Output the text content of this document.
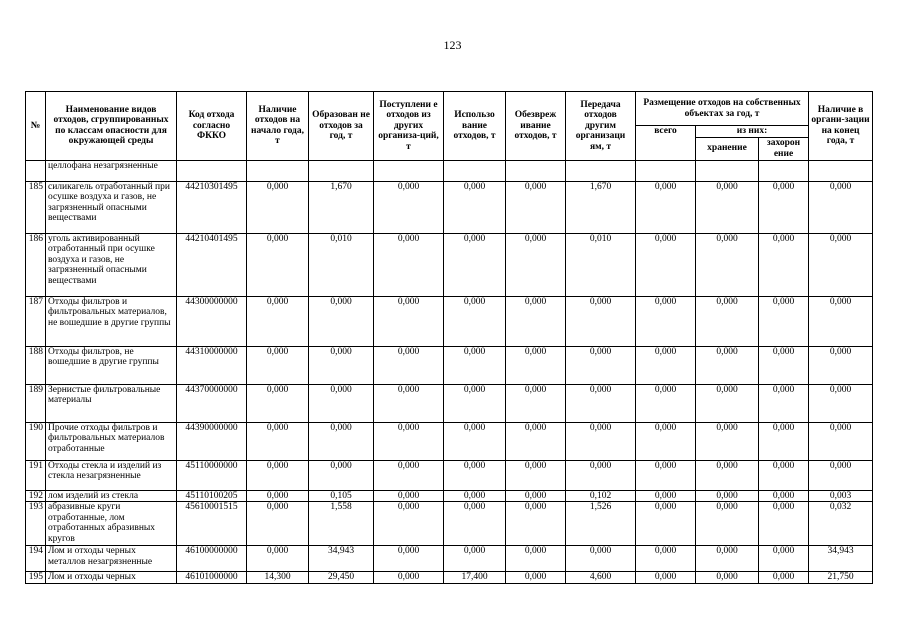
123
№	Наименование видов отходов, сгруппированных по классам опасности для окружающей среды	Код отхода согласно ФККО	Наличие отходов на начало года, т	Образован не отходов за год, т	Поступлени е отходов из других организа-ций, т	Использо вание отходов, т	Обезвреж ивание отходов, т	Передача отходов другим организаци ям, т	Размещение отходов на собственных объектах за год, т			Наличие в органи-зации на конец года, т
									всего	из них:		
										хранение	захорон ение	
	целлофана незагрязненные											
185	силикагель отработанный при осушке воздуха и газов, не загрязненный опасными веществами	44210301495	0,000	1,670	0,000	0,000	0,000	1,670	0,000	0,000	0,000	0,000
186	уголь активированный отработанный при осушке воздуха и газов, не загрязненный опасными веществами	44210401495	0,000	0,010	0,000	0,000	0,000	0,010	0,000	0,000	0,000	0,000
187	Отходы фильтров и фильтровальных материалов, не вошедшие в другие группы	44300000000	0,000	0,000	0,000	0,000	0,000	0,000	0,000	0,000	0,000	0,000
188	Отходы фильтров, не вошедшие в другие группы	44310000000	0,000	0,000	0,000	0,000	0,000	0,000	0,000	0,000	0,000	0,000
189	Зернистые фильтровальные материалы	44370000000	0,000	0,000	0,000	0,000	0,000	0,000	0,000	0,000	0,000	0,000
190	Прочие отходы фильтров и фильтровальных материалов отработанные	44390000000	0,000	0,000	0,000	0,000	0,000	0,000	0,000	0,000	0,000	0,000
191	Отходы стекла и изделий из стекла незагрязненные	45110000000	0,000	0,000	0,000	0,000	0,000	0,000	0,000	0,000	0,000	0,000
192	лом изделий из стекла	45110100205	0,000	0,105	0,000	0,000	0,000	0,102	0,000	0,000	0,000	0,003
193	абразивные круги отработанные, лом отработанных абразивных кругов	45610001515	0,000	1,558	0,000	0,000	0,000	1,526	0,000	0,000	0,000	0,032
194	Лом и отходы черных металлов незагрязненные	46100000000	0,000	34,943	0,000	0,000	0,000	0,000	0,000	0,000	0,000	34,943
195	Лом и отходы черных	46101000000	14,300	29,450	0,000	17,400	0,000	4,600	0,000	0,000	0,000	21,750
